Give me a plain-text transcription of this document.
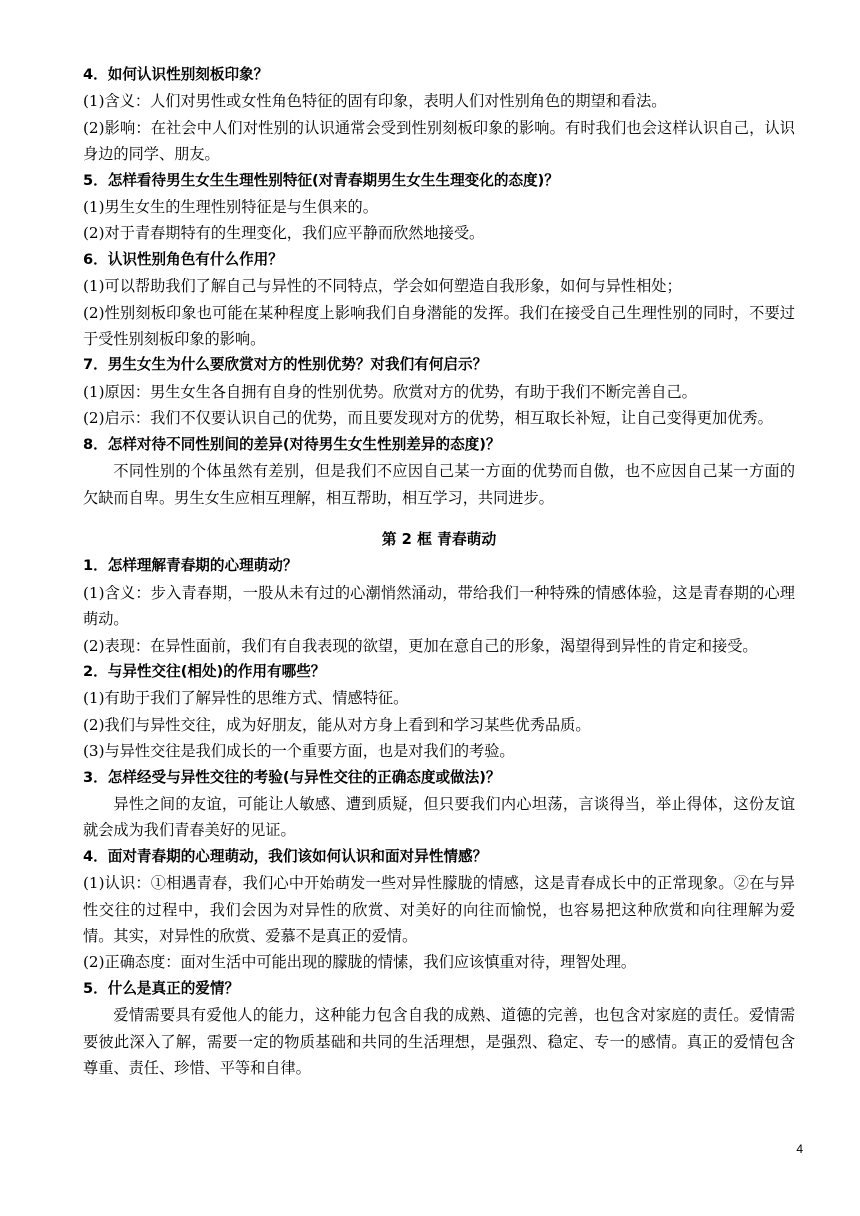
4．如何认识性别刻板印象？

(1)含义：人们对男性或女性角色特征的固有印象，表明人们对性别角色的期望和看法。

(2)影响：在社会中人们对性别的认识通常会受到性别刻板印象的影响。有时我们也会这样认识自己，认识身边的同学、朋友。

5．怎样看待男生女生生理性别特征(对青春期男生女生生理变化的态度)？

(1)男生女生的生理性别特征是与生俱来的。

(2)对于青春期特有的生理变化，我们应平静而欣然地接受。

6．认识性别角色有什么作用？

(1)可以帮助我们了解自己与异性的不同特点，学会如何塑造自我形象，如何与异性相处；

(2)性别刻板印象也可能在某种程度上影响我们自身潜能的发挥。我们在接受自己生理性别的同时，不要过于受性别刻板印象的影响。

7．男生女生为什么要欣赏对方的性别优势？对我们有何启示？

(1)原因：男生女生各自拥有自身的性别优势。欣赏对方的优势，有助于我们不断完善自己。

(2)启示：我们不仅要认识自己的优势，而且要发现对方的优势，相互取长补短，让自己变得更加优秀。

8．怎样对待不同性别间的差异(对待男生女生性别差异的态度)？

不同性别的个体虽然有差别，但是我们不应因自己某一方面的优势而自傲，也不应因自己某一方面的欠缺而自卑。男生女生应相互理解，相互帮助，相互学习，共同进步。

第 2 框 青春萌动

1．怎样理解青春期的心理萌动？

(1)含义：步入青春期，一股从未有过的心潮悄然涌动，带给我们一种特殊的情感体验，这是青春期的心理萌动。

(2)表现：在异性面前，我们有自我表现的欲望，更加在意自己的形象，渴望得到异性的肯定和接受。

2．与异性交往(相处)的作用有哪些？

(1)有助于我们了解异性的思维方式、情感特征。

(2)我们与异性交往，成为好朋友，能从对方身上看到和学习某些优秀品质。

(3)与异性交往是我们成长的一个重要方面，也是对我们的考验。

3．怎样经受与异性交往的考验(与异性交往的正确态度或做法)？

异性之间的友谊，可能让人敏感、遭到质疑，但只要我们内心坦荡，言谈得当，举止得体，这份友谊就会成为我们青春美好的见证。

4．面对青春期的心理萌动，我们该如何认识和面对异性情感？

(1)认识：①相遇青春，我们心中开始萌发一些对异性朦胧的情感，这是青春成长中的正常现象。②在与异性交往的过程中，我们会因为对异性的欣赏、对美好的向往而愉悦，也容易把这种欣赏和向往理解为爱情。其实，对异性的欣赏、爱慕不是真正的爱情。

(2)正确态度：面对生活中可能出现的朦胧的情愫，我们应该慎重对待，理智处理。

5．什么是真正的爱情？

爱情需要具有爱他人的能力，这种能力包含自我的成熟、道德的完善，也包含对家庭的责任。爱情需要彼此深入了解，需要一定的物质基础和共同的生活理想，是强烈、稳定、专一的感情。真正的爱情包含尊重、责任、珍惜、平等和自律。

4
